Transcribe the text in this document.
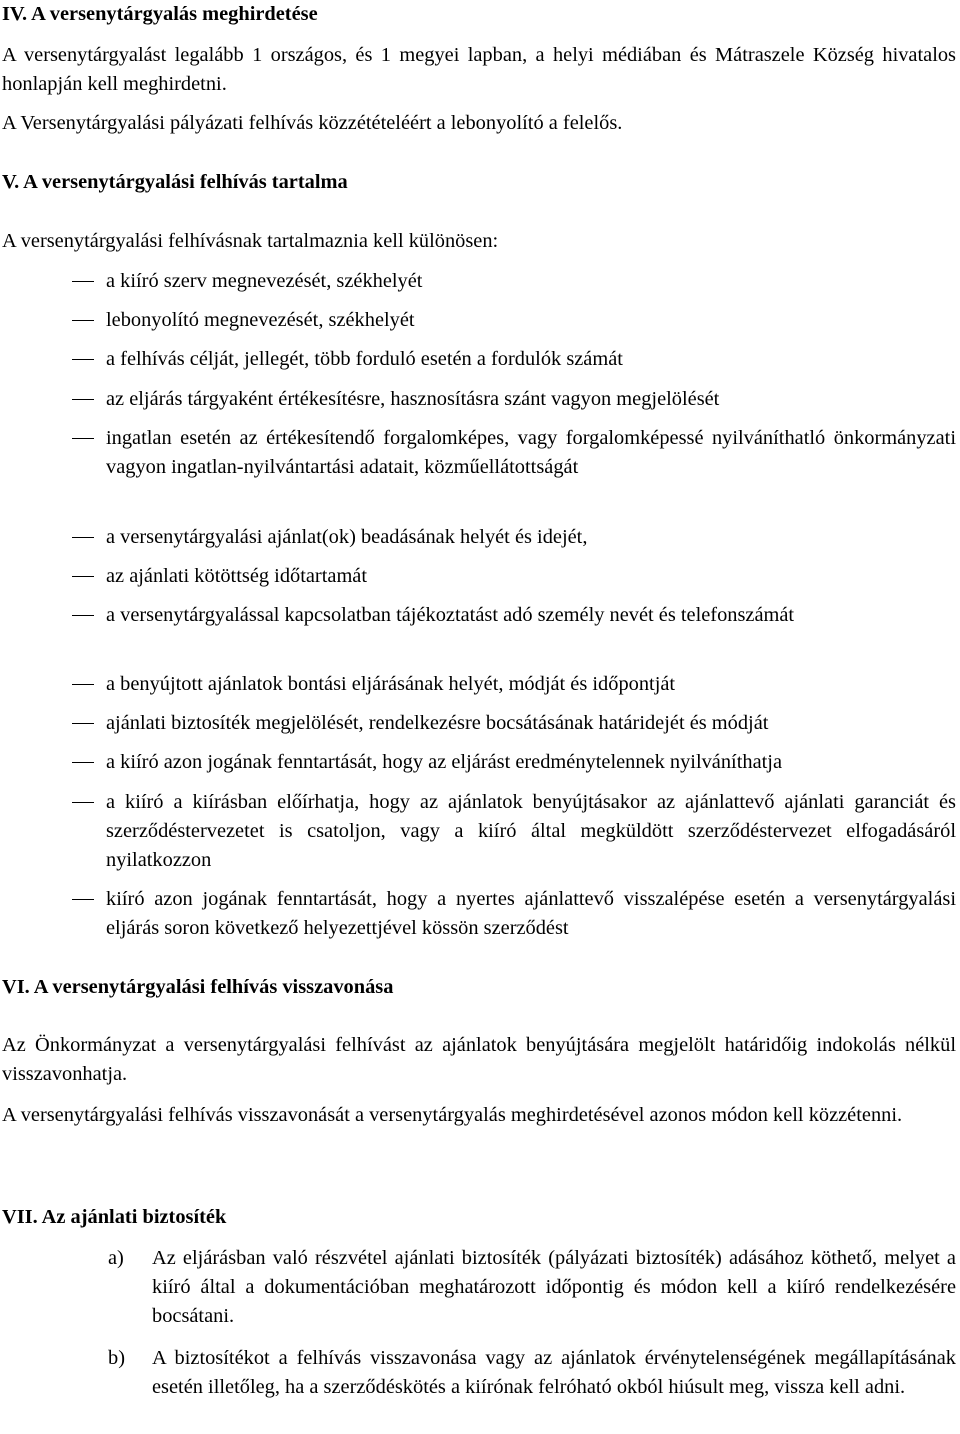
IV. A versenytárgyalás meghirdetése
A versenytárgyalást legalább 1 országos, és 1 megyei lapban, a helyi médiában és Mátraszele Község hivatalos honlapján kell meghirdetni.
A Versenytárgyalási pályázati felhívás közzétételéért a lebonyolító a felelős.
V. A versenytárgyalási felhívás tartalma
A versenytárgyalási felhívásnak tartalmaznia kell különösen:
a kiíró szerv megnevezését, székhelyét
lebonyolító megnevezését, székhelyét
a felhívás célját, jellegét, több forduló esetén a fordulók számát
az eljárás tárgyaként értékesítésre, hasznosításra szánt vagyon megjelölését
ingatlan esetén az értékesítendő forgalomképes, vagy forgalomképessé nyilváníthatló önkormányzati vagyon ingatlan-nyilvántartási adatait, közműellátottságát
a versenytárgyalási ajánlat(ok) beadásának helyét és idejét,
az ajánlati kötöttség időtartamát
a versenytárgyalással kapcsolatban tájékoztatást adó személy nevét és telefonszámát
a benyújtott ajánlatok bontási eljárásának helyét, módját és időpontját
ajánlati biztosíték megjelölését, rendelkezésre bocsátásának határidejét és módját
a kiíró azon jogának fenntartását, hogy az eljárást eredménytelennek nyilváníthatja
a kiíró a kiírásban előírhatja, hogy az ajánlatok benyújtásakor az ajánlattevő ajánlati garanciát és szerződéstervezetet is csatoljon, vagy a kiíró által megküldött szerződéstervezet elfogadásáról nyilatkozzon
kiíró azon jogának fenntartását, hogy a nyertes ajánlattevő visszalépése esetén a versenytárgyalási eljárás soron következő helyezettjével kössön szerződést
VI. A versenytárgyalási felhívás visszavonása
Az Önkormányzat a versenytárgyalási felhívást az ajánlatok benyújtására megjelölt határidőig indokolás nélkül visszavonhatja.
A versenytárgyalási felhívás visszavonását a versenytárgyalás meghirdetésével azonos módon kell közzétenni.
VII. Az ajánlati biztosíték
a) Az eljárásban való részvétel ajánlati biztosíték (pályázati biztosíték) adásához köthető, melyet a kiíró által a dokumentációban meghatározott időpontig és módon kell a kiíró rendelkezésére bocsátani.
b) A biztosítékot a felhívás visszavonása vagy az ajánlatok érvénytelenségének megállapításának esetén illetőleg, ha a szerződéskötés a kiírónak felróható okból hiúsult meg, vissza kell adni.
